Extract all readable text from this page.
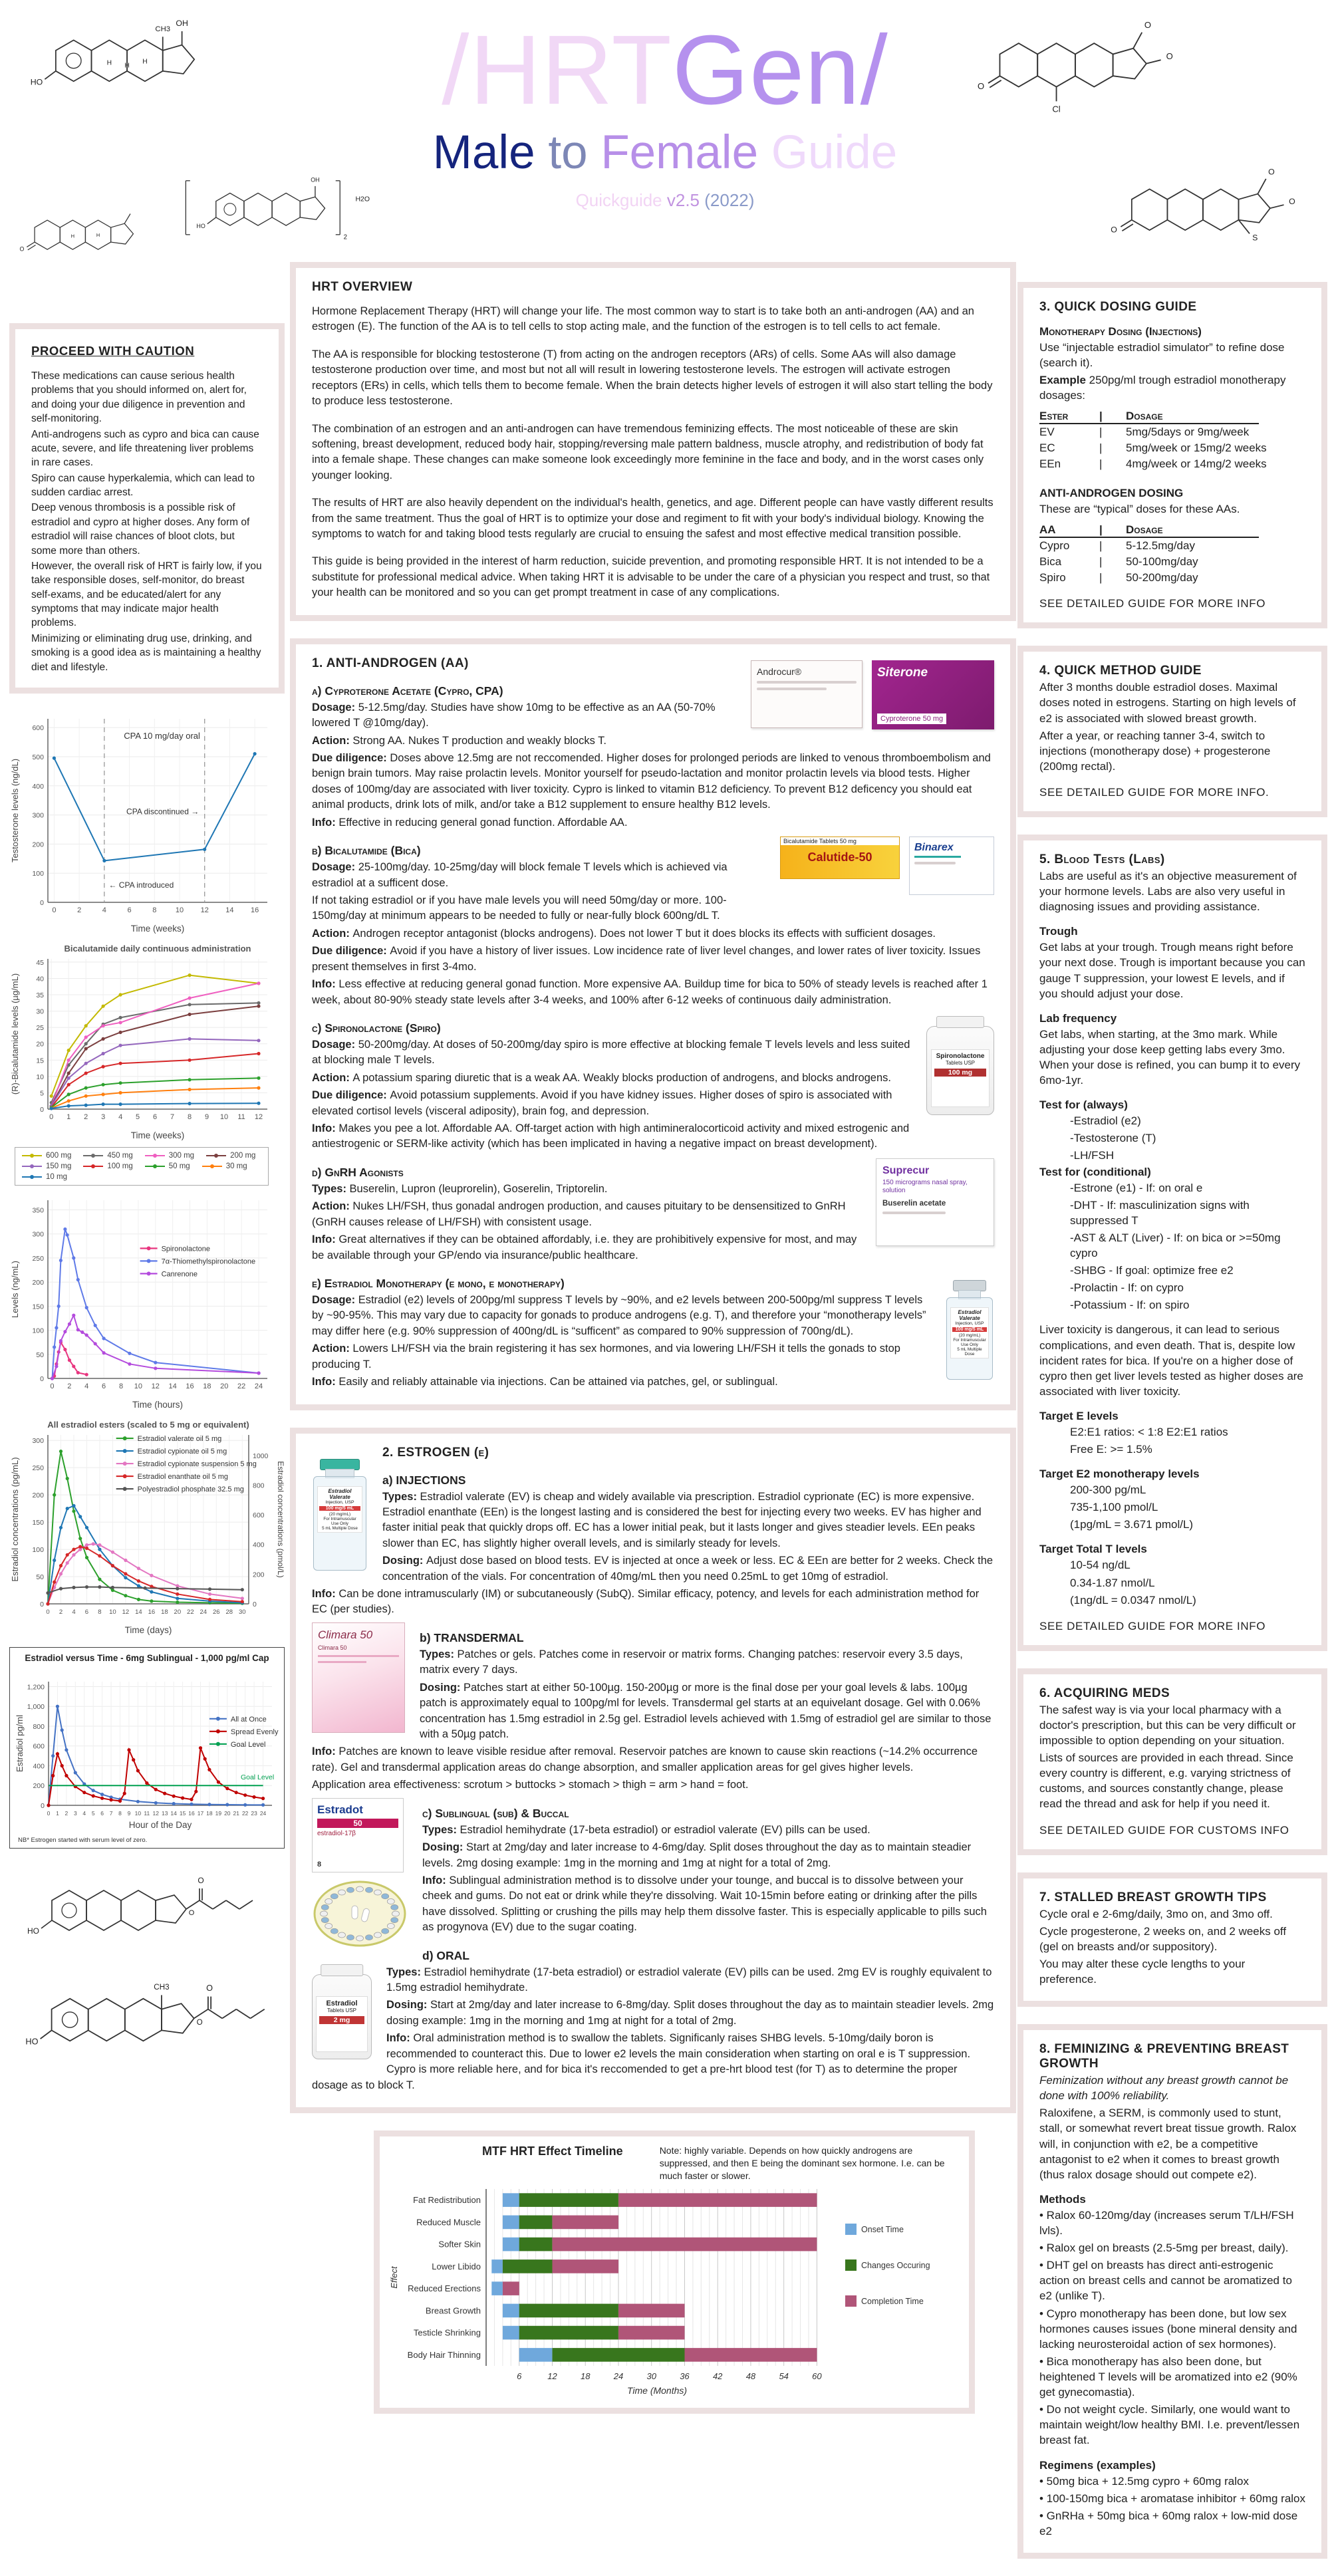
HO
OH
CH3
H H
H
O
H	H
HO
OH
2
H2O
O
Cl
O
O
O
O
S
O
/HRTGen/
Male to Female Guide
Quickguide v2.5 (2022)
PROCEED WITH CAUTION

These medications can cause serious health problems that you should informed on, alert for, and doing your due diligence in prevention and self-monitoring.

Anti-androgens such as cypro and bica can cause acute, severe, and life threatening liver problems in rare cases.

Spiro can cause hyperkalemia, which can lead to sudden cardiac arrest.

Deep venous thrombosis is a possible risk of estradiol and cypro at higher doses. Any form of estradiol will raise chances of bloot clots, but some more than others.

However, the overall risk of HRT is fairly low, if you take responsible doses, self-monitor, do breast self-exams, and be educated/alert for any symptoms that may indicate major health problems.

Minimizing or eliminating drug use, drinking, and smoking is a good idea as is maintaining a healthy diet and lifestyle.

0	2	4	6	8	10 12 14 16
0
100
200
300
400
500
600
CPA 10 mg/day oral
CPA discontinued →
← CPA introduced
Time (weeks)
Testosterone levels (ng/dL)
0 1 2 3 4 5 6 7 8 9 10 11 12
0
5
10
15
20
25
30
35
40
45
Bicalutamide daily continuous administration
Time (weeks)
(R)-Bicalutamide levels (µg/mL)
600 mg	450 mg	300 mg	200 mg
150 mg	100 mg	50 mg	30 mg
10 mg
0 2 4 6 8 10 12 14 16 18 20 22 24
0
50
100
150
200
250
300
350
Spironolactone
7α-Thiomethylspironolactone
Canrenone
Time (hours)
Levels (ng/mL)
0 2 4 6 8 10 12 14 16 18 20 22 24 26 28 30
0
50
100
150
200
250
300
0
200
400
600
800
1000
Estradiol concentrations (pmol/L)
Estradiol valerate oil 5 mg
Estradiol cypionate oil 5 mg
Estradiol cypionate suspension 5 mg
Estradiol enanthate oil 5 mg
Polyestradiol phosphate 32.5 mg
All estradiol esters (scaled to 5 mg or equivalent)
Time (days)
Estradiol concentrations (pg/mL)
Estradiol versus Time - 6mg Sublingual - 1,000 pg/ml Cap
0 1 2 3 4 5 6 7 8 9 10 11 12 13 14 15 16 17 18 19 20 21 22 23 24
0
200
400
600
800
1,000
1,200
Goal Level
All at Once
Spread Evenly
Goal Level
Hour of the Day
Estradiol pg/ml
NB* Estrogen started with serum level of zero.
HO
O
O
HO
O
O
CH3
HRT OVERVIEW

Hormone Replacement Therapy (HRT) will change your life. The most common way to start is to take both an anti-androgen (AA) and an estrogen (E). The function of the AA is to tell cells to stop acting male, and the function of the estrogen is to tell cells to act female.

The AA is responsible for blocking testosterone (T) from acting on the androgen receptors (ARs) of cells. Some AAs will also damage testosterone production over time, and most but not all will result in lowering testosterone levels. The estrogen will activate estrogen receptors (ERs) in cells, which tells them to become female. When the brain detects higher levels of estrogen it will also start telling the body to produce less testosterone.

The combination of an estrogen and an anti-androgen can have tremendous feminizing effects. The most noticeable of these are skin softening, breast development, reduced body hair, stopping/reversing male pattern baldness, muscle atrophy, and redistribution of body fat into a female shape. These changes can make someone look exceedingly more feminine in the face and body, and in the worst cases only younger looking.

The results of HRT are also heavily dependent on the individual's health, genetics, and age. Different people can have vastly different results from the same treatment. Thus the goal of HRT is to optimize your dose and regiment to fit with your body's individual biology. Knowing the symptoms to watch for and taking blood tests regularly are crucial to ensuing the safest and most effective medical transition possible.

This guide is being provided in the interest of harm reduction, suicide prevention, and promoting responsible HRT. It is not intended to be a substitute for professional medical advice. When taking HRT it is advisable to be under the care of a physician you respect and trust, so that your health can be monitored and so you can get prompt treatment in case of any complications.

Androcur®	Siterone
Cyproterone 50 mg
1. ANTI-ANDROGEN (AA)
a) Cyproterone Acetate (Cypro, CPA)

Dosage: 5-12.5mg/day. Studies have show 10mg to be effective as an AA (50-70% lowered T @10mg/day).

Action: Strong AA. Nukes T production and weakly blocks T.

Due diligence: Doses above 12.5mg are not reccomended. Higher doses for prolonged periods are linked to venous thromboembolism and benign brain tumors. May raise prolactin levels. Monitor yourself for pseudo-lactation and monitor prolactin levels via blood tests. Higher doses of 100mg/day are associated with liver toxicity. Cypro is linked to vitamin B12 deficiency. To prevent B12 deficency you should eat animal products, drink lots of milk, and/or take a B12 supplement to ensure healthy B12 levels.

Info: Effective in reducing general gonad function. Affordable AA.

Bicalutamide Tablets 50 mg
Calutide-50
Binarex
b) Bicalutamide (Bica)

Dosage: 25-100mg/day. 10-25mg/day will block female T levels which is achieved via estradiol at a sufficent dose.

If not taking estradiol or if you have male levels you will need 50mg/day or more. 100-150mg/day at minimum appears to be needed to fully or near-fully block 600ng/dL T.

Action: Androgen receptor antagonist (blocks androgens). Does not lower T but it does blocks its effects with sufficient dosages.

Due diligence: Avoid if you have a history of liver issues. Low incidence rate of liver level changes, and lower rates of liver toxicity. Issues present themselves in first 3-4mo.

Info: Less effective at reducing general gonad function. More expensive AA. Buildup time for bica to 50% of steady levels is reached after 1 week, about 80-90% steady state levels after 3-4 weeks, and 100% after 6-12 weeks of continuous daily administration.

Spironolactone
Tablets USP
100 mg
c) Spironolactone (Spiro)

Dosage: 50-200mg/day. At doses of 50-200mg/day spiro is more effective at blocking female T levels levels and less suited at blocking male T levels.

Action: A potassium sparing diuretic that is a weak AA. Weakly blocks production of androgens, and blocks androgens.

Due diligence: Avoid potassium supplements. Avoid if you have kidney issues. Higher doses of spiro is associated with elevated cortisol levels (visceral adiposity), brain fog, and depression.

Info: Makes you pee a lot. Affordable AA. Off-target action with high antimineralocorticoid activity and mixed estrogenic and antiestrogenic or SERM-like activity (which has been implicated in having a negative impact on breast development).

Suprecur
150 micrograms nasal spray, solution
Buserelin acetate
d) GnRH Agonists

Types: Buserelin, Lupron (leuprorelin), Goserelin, Triptorelin.

Action: Nukes LH/FSH, thus gonadal androgen production, and causes pituitary to be densensitized to GnRH (GnRH causes release of LH/FSH) with consistent usage.

Info: Great alternatives if they can be obtained affordably, i.e. they are prohibitively expensive for most, and may be available through your GP/endo via insurance/public healthcare.

Estradiol Valerate
Injection, USP
100 mg/5 mL
(20 mg/mL)
For Intramuscular Use Only
5 mL Multiple Dose
e) Estradiol Monotherapy (e mono, e monotherapy)

Dosage: Estradiol (e2) levels of 200pg/ml suppress T levels by ~90%, and e2 levels between 200-500pg/ml suppress T levels by ~90-95%. This may vary due to capacity for gonads to produce androgens (e.g. T), and therefore your “monotherapy levels” may differ here (e.g. 90% suppression of 400ng/dL is “sufficent” as compared to 90% suppression of 700ng/dL).

Action: Lowers LH/FSH via the brain registering it has sex hormones, and via lowering LH/FSH it tells the gonads to stop producing T.

Info: Easily and reliably attainable via injections. Can be attained via patches, gel, or sublingual.

Estradiol Valerate
Injection, USP
100 mg/5 mL
(20 mg/mL)
For Intramuscular Use Only
5 mL Multiple Dose
2. ESTROGEN (e)
a) INJECTIONS

Types: Estradiol valerate (EV) is cheap and widely available via prescription. Estradiol cyprionate (EC) is more expensive. Estradiol enanthate (EEn) is the longest lasting and is considered the best for injecting every two weeks. EV has higher and faster initial peak that quickly drops off. EC has a lower initial peak, but it lasts longer and gives steadier levels. EEn peaks slower than EC, has slightly higher overall levels, and is similarly steady for levels.

Dosing: Adjust dose based on blood tests. EV is injected at once a week or less. EC & EEn are better for 2 weeks. Check the concentration of the vials. For concentration of 40mg/mL then you need 0.25mL to get 10mg of estradiol.

Info: Can be done intramuscularly (IM) or subcutaneously (SubQ). Similar efficacy, potency, and levels for each administration method for EC (per studies).

Climara 50
Climara 50
b) TRANSDERMAL

Types: Patches or gels. Patches come in reservoir or matrix forms. Changing patches: reservoir every 3.5 days, matrix every 7 days.

Dosing: Patches start at either 50-100µg. 150-200µg or more is the final dose per your goal levels & labs. 100µg patch is approximately equal to 100pg/ml for levels. Transdermal gel starts at an equivelant dosage. Gel with 0.06% concentration has 1.5mg estradiol in 2.5g gel. Estradiol levels achieved with 1.5mg of estradiol gel are similar to those with a 50µg patch.

Info: Patches are known to leave visible residue after removal. Reservoir patches are known to cause skin reactions (~14.2% occurrence rate). Gel and transdermal application areas do change absorption, and smaller application areas for gel gives higher levels.

Application area effectiveness: scrotum > buttocks > stomach > thigh = arm > hand = foot.

Estradot
50
estradiol-17β
8
c) Sublingual (sub) & Buccal

Types: Estradiol hemihydrate (17-beta estradiol) or estradiol valerate (EV) pills can be used.

Dosing: Start at 2mg/day and later increase to 4-6mg/day. Split doses throughout the day as to maintain steadier levels. 2mg dosing example: 1mg in the morning and 1mg at night for a total of 2mg.

Info: Sublingual administration method is to dissolve under your tounge, and buccal is to dissolve between your cheek and gums. Do not eat or drink while they're dissolving. Wait 10-15min before eating or drinking after the pills have dissolved. Splitting or crushing the pills may help them dissolve faster. This is especially applicable to pills such as progynova (EV) due to the sugar coating.

Estradiol
Tablets USP
2 mg
d) ORAL

Types: Estradiol hemihydrate (17-beta estradiol) or estradiol valerate (EV) pills can be used. 2mg EV is roughly equivalent to 1.5mg estradiol hemihydrate.

Dosing: Start at 2mg/day and later increase to 6-8mg/day. Split doses throughout the day as to maintain steadier levels. 2mg dosing example: 1mg in the morning and 1mg at night for a total of 2mg.

Info: Oral administration method is to swallow the tablets. Significanly raises SHBG levels. 5-10mg/daily boron is recommended to counteract this. Due to lower e2 levels the main consideration when starting on oral e is T suppression. Cypro is more reliable here, and for bica it's reccomended to get a pre-hrt blood test (for T) as to determine the proper dosage as to block T.

MTF HRT Effect Timeline	Note: highly variable. Depends on how quickly androgens are suppressed, and then E being the dominant sex hormone. I.e. can be much faster or slower.
Fat Redistribution
Reduced Muscle
Softer Skin
Lower Libido
Reduced Erections
Breast Growth
Testicle Shrinking
Body Hair Thinning
6	12	18	24	30	36	42	48	54	60
Time (Months)
Effect
Onset Time
Changes Occuring
Completion Time
3. QUICK DOSING GUIDE
Monotherapy Dosing (Injections)

Use “injectable estradiol simulator” to refine dose (search it).

Example 250pg/ml trough estradiol monotherapy dosages:

Ester	|	Dosage
EV	|	5mg/5days or 9mg/week
EC	|	5mg/week or 15mg/2 weeks
EEn	|	4mg/week or 14mg/2 weeks
ANTI-ANDROGEN DOSING

These are “typical” doses for these AAs.

AA	|	Dosage
Cypro	|	5-12.5mg/day
Bica	|	50-100mg/day
Spiro	|	50-200mg/day
SEE DETAILED GUIDE FOR MORE INFO
4. QUICK METHOD GUIDE

After 3 months double estradiol doses. Maximal doses noted in estrogens. Starting on high levels of e2 is associated with slowed breast growth.

After a year, or reaching tanner 3-4, switch to injections (monotherapy dose) + progesterone (200mg rectal).

SEE DETAILED GUIDE FOR MORE INFO.
5. Blood Tests (Labs)

Labs are useful as it's an objective measurement of your hormone levels. Labs are also very useful in diagnosing issues and providing assistance.

Trough

Get labs at your trough. Trough means right before your next dose. Trough is important because you can gauge T suppression, your lowest E levels, and if you should adjust your dose.

Lab frequency

Get labs, when starting, at the 3mo mark. While adjusting your dose keep getting labs every 3mo. When your dose is refined, you can bump it to every 6mo-1yr.

Test for (always)

-Estradiol (e2)

-Testosterone (T)

-LH/FSH

Test for (conditional)

-Estrone (e1) - If: on oral e

-DHT - If: masculinization signs with suppressed T

-AST & ALT (Liver) - If: on bica or >=50mg cypro

-SHBG - If goal: optimize free e2

-Prolactin - If: on cypro

-Potassium - If: on spiro

Liver toxicity is dangerous, it can lead to serious complications, and even death. That is, despite low incident rates for bica. If you're on a higher dose of cypro then get liver levels tested as higher doses are associated with liver toxicity.

Target E levels

E2:E1 ratios: < 1:8 E2:E1 ratios

Free E: >= 1.5%

Target E2 monotherapy levels

200-300 pg/mL

735-1,100 pmol/L

(1pg/mL = 3.671 pmol/L)

Target Total T levels

10-54 ng/dL

0.34-1.87 nmol/L

(1ng/dL = 0.0347 nmol/L)

SEE DETAILED GUIDE FOR MORE INFO
6. ACQUIRING MEDS

The safest way is via your local pharmacy with a doctor's prescription, but this can be very difficult or impossible to option depending on your situation.

Lists of sources are provided in each thread. Since every country is different, e.g. varying strictness of customs, and sources constantly change, please read the thread and ask for help if you need it.

SEE DETAILED GUIDE FOR CUSTOMS INFO
7. STALLED BREAST GROWTH TIPS

Cycle oral e 2-6mg/daily, 3mo on, and 3mo off.

Cycle progesterone, 2 weeks on, and 2 weeks off (gel on breasts and/or suppository).

You may alter these cycle lengths to your preference.

8. FEMINIZING & PREVENTING BREAST GROWTH

Feminization without any breast growth cannot be done with 100% reliability.

Raloxifene, a SERM, is commonly used to stunt, stall, or somewhat revert breat tissue growth. Ralox will, in conjunction with e2, be a competitive antagonist to e2 when it comes to breast growth (thus ralox dosage should out compete e2).

Methods

• Ralox 60-120mg/day (increases serum T/LH/FSH lvls).

• Ralox gel on breasts (2.5-5mg per breast, daily).

• DHT gel on breasts has direct anti-estrogenic action on breast cells and cannot be aromatized to e2 (unlike T).

• Cypro monotherapy has been done, but low sex hormones causes issues (bone mineral density and lacking neurosteroidal action of sex hormones).

• Bica monotherapy has also been done, but heightened T levels will be aromatized into e2 (90% get gynecomastia).

• Do not weight cycle. Similarly, one would want to maintain weight/low healthy BMI. I.e. prevent/lessen breast fat.

Regimens (examples)

• 50mg bica + 12.5mg cypro + 60mg ralox

• 100-150mg bica + aromatase inhibitor + 60mg ralox

• GnRHa + 50mg bica + 60mg ralox + low-mid dose e2
